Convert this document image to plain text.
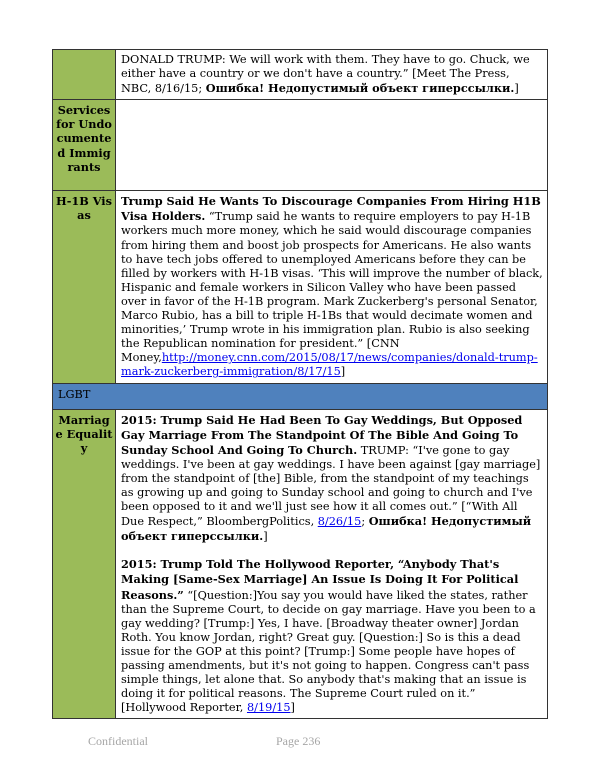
	DONALD TRUMP: We will work with them. They have to go. Chuck, we either have a country or we don't have a country.” [Meet The Press, NBC, 8/16/15; Ошибка! Недопустимый объект гиперссылки.]
Services for Undocumented Immigrants	
H-1B Visas	Trump Said He Wants To Discourage Companies From Hiring H1B Visa Holders. “Trump said he wants to require employers to pay H-1B workers much more money, which he said would discourage companies from hiring them and boost job prospects for Americans. He also wants to have tech jobs offered to unemployed Americans before they can be filled by workers with H-1B visas. ‘This will improve the number of black, Hispanic and female workers in Silicon Valley who have been passed over in favor of the H-1B program. Mark Zuckerberg's personal Senator, Marco Rubio, has a bill to triple H-1Bs that would decimate women and minorities,’ Trump wrote in his immigration plan. Rubio is also seeking the Republican nomination for president.” [CNN Money,http://money.cnn.com/2015/08/17/news/companies/donald-trump-mark-zuckerberg-immigration/8/17/15]
LGBT	
Marriage Equality	2015: Trump Said He Had Been To Gay Weddings, But Opposed Gay Marriage From The Standpoint Of The Bible And Going To Sunday School And Going To Church. TRUMP: “I've gone to gay weddings. I've been at gay weddings. I have been against [gay marriage] from the standpoint of [the] Bible, from the standpoint of my teachings as growing up and going to Sunday school and going to church and I've been opposed to it and we'll just see how it all comes out.” [“With All Due Respect,” BloombergPolitics, 8/26/15; Ошибка! Недопустимый объект гиперссылки.]
2015: Trump Told The Hollywood Reporter, “Anybody That's Making [Same-Sex Marriage] An Issue Is Doing It For Political Reasons.” “[Question:]You say you would have liked the states, rather than the Supreme Court, to decide on gay marriage. Have you been to a gay wedding? [Trump:] Yes, I have. [Broadway theater owner] Jordan Roth. You know Jordan, right? Great guy. [Question:] So is this a dead issue for the GOP at this point? [Trump:] Some people have hopes of passing amendments, but it's not going to happen. Congress can't pass simple things, let alone that. So anybody that's making that an issue is doing it for political reasons. The Supreme Court ruled on it.” [Hollywood Reporter, 8/19/15]
Confidential	Page 236
